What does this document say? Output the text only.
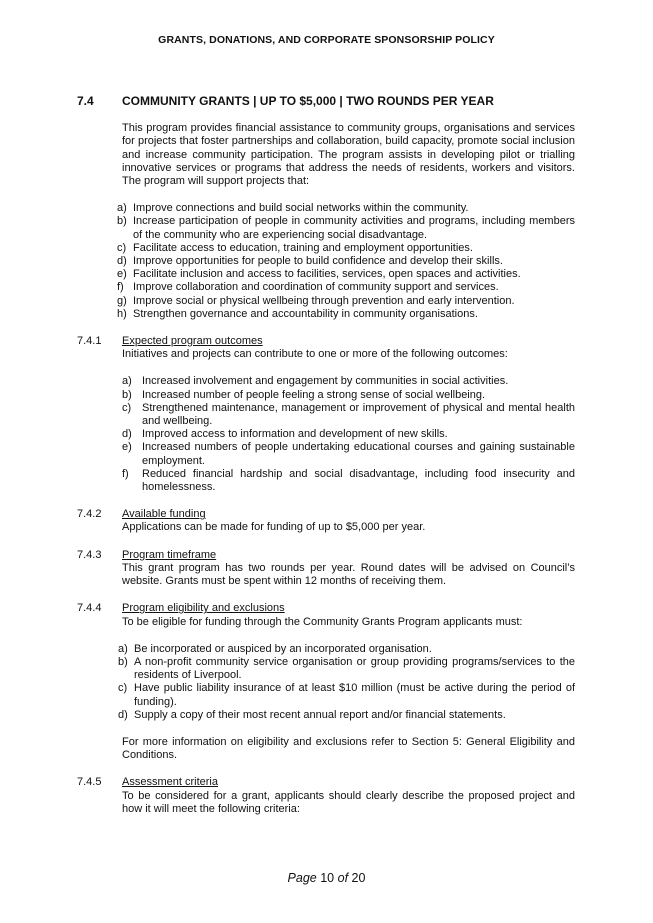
GRANTS, DONATIONS, AND CORPORATE SPONSORSHIP POLICY
7.4	COMMUNITY GRANTS | UP TO $5,000 | TWO ROUNDS PER YEAR
This program provides financial assistance to community groups, organisations and services for projects that foster partnerships and collaboration, build capacity, promote social inclusion and increase community participation. The program assists in developing pilot or trialling innovative services or programs that address the needs of residents, workers and visitors. The program will support projects that:
a) Improve connections and build social networks within the community.
b) Increase participation of people in community activities and programs, including members of the community who are experiencing social disadvantage.
c) Facilitate access to education, training and employment opportunities.
d) Improve opportunities for people to build confidence and develop their skills.
e) Facilitate inclusion and access to facilities, services, open spaces and activities.
f) Improve collaboration and coordination of community support and services.
g) Improve social or physical wellbeing through prevention and early intervention.
h) Strengthen governance and accountability in community organisations.
7.4.1	Expected program outcomes
Initiatives and projects can contribute to one or more of the following outcomes:
a) Increased involvement and engagement by communities in social activities.
b) Increased number of people feeling a strong sense of social wellbeing.
c) Strengthened maintenance, management or improvement of physical and mental health and wellbeing.
d) Improved access to information and development of new skills.
e) Increased numbers of people undertaking educational courses and gaining sustainable employment.
f)	Reduced financial hardship and social disadvantage, including food insecurity and homelessness.
7.4.2	Available funding
Applications can be made for funding of up to $5,000 per year.
7.4.3	Program timeframe
This grant program has two rounds per year. Round dates will be advised on Council’s website. Grants must be spent within 12 months of receiving them.
7.4.4	Program eligibility and exclusions
To be eligible for funding through the Community Grants Program applicants must:
a) Be incorporated or auspiced by an incorporated organisation.
b) A non-profit community service organisation or group providing programs/services to the residents of Liverpool.
c) Have public liability insurance of at least $10 million (must be active during the period of funding).
d) Supply a copy of their most recent annual report and/or financial statements.
For more information on eligibility and exclusions refer to Section 5: General Eligibility and Conditions.
7.4.5	Assessment criteria
To be considered for a grant, applicants should clearly describe the proposed project and how it will meet the following criteria:
Page 10 of 20
